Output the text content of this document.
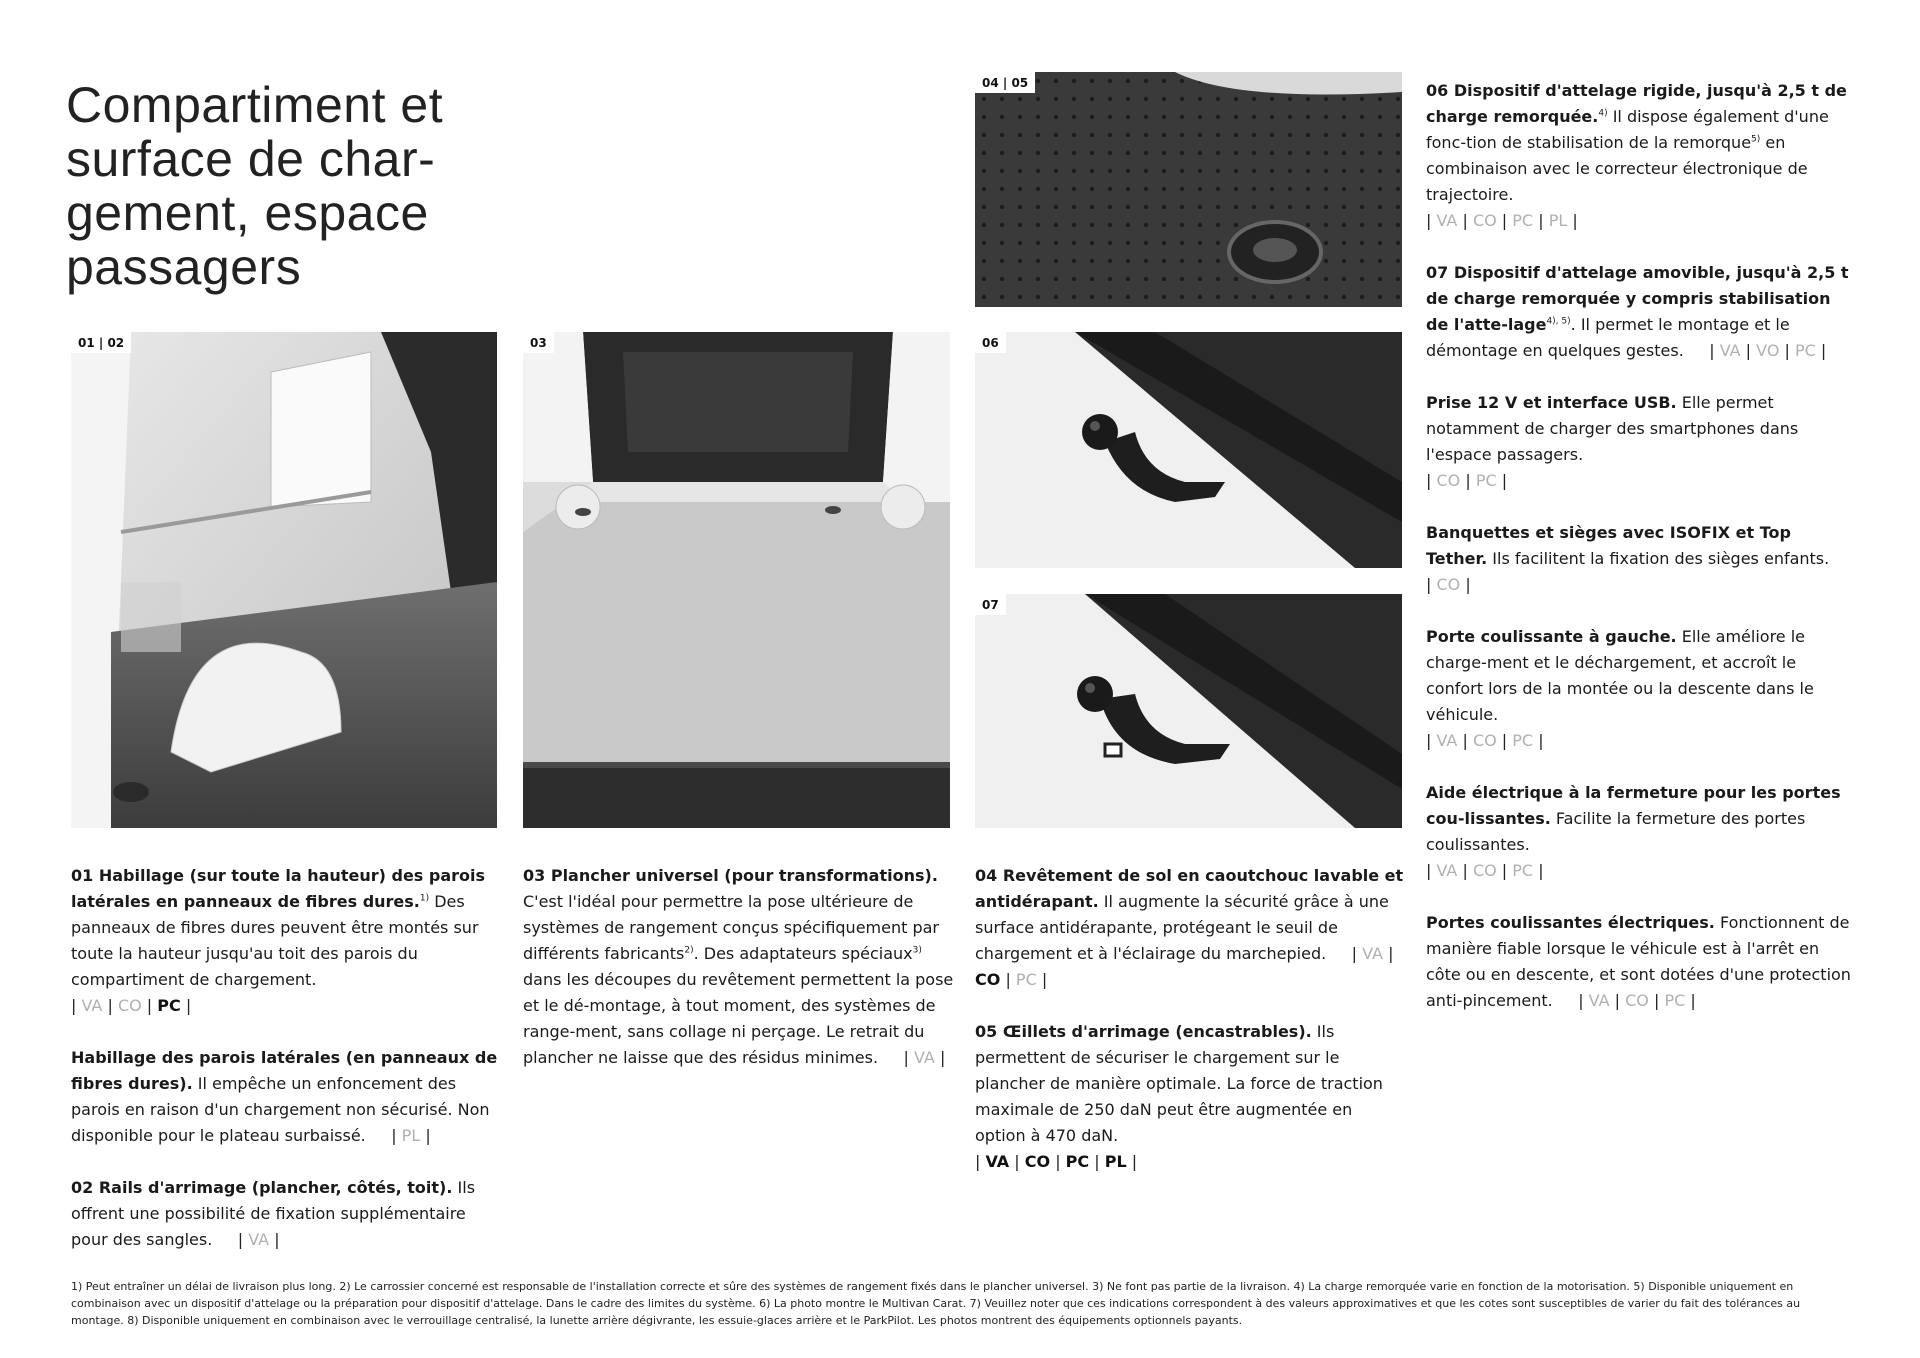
Compartiment et
surface de char-
gement, espace
passagers
01 | 02	03
04 | 05
06
07

01 Habillage (sur toute la hauteur) des parois latérales en panneaux de fibres dures.$^{1)}$ Des panneaux de fibres dures peuvent être montés sur toute la hauteur jusqu'au toit des parois du compartiment de chargement.
| VA | CO | PC |

Habillage des parois latérales (en panneaux de fibres dures). Il empêche un enfoncement des parois en raison d'un chargement non sécurisé. Non disponible pour le plateau surbaissé. | PL |

02 Rails d'arrimage (plancher, côtés, toit). Ils offrent une possibilité de fixation supplémentaire pour des sangles. | VA |

03 Plancher universel (pour transformations). C'est l'idéal pour permettre la pose ultérieure de systèmes de rangement conçus spécifiquement par différents fabricants$^{2)}$. Des adaptateurs spéciaux$^{3)}$ dans les découpes du revêtement permettent la pose et le dé-montage, à tout moment, des systèmes de range-ment, sans collage ni perçage. Le retrait du plancher ne laisse que des résidus minimes. | VA |

04 Revêtement de sol en caoutchouc lavable et antidérapant. Il augmente la sécurité grâce à une surface antidérapante, protégeant le seuil de chargement et à l'éclairage du marchepied. | VA | CO | PC |

05 Œillets d'arrimage (encastrables). Ils permettent de sécuriser le chargement sur le plancher de manière optimale. La force de traction maximale de 250 daN peut être augmentée en option à 470 daN.
| VA | CO | PC | PL |

06 Dispositif d'attelage rigide, jusqu'à 2,5 t de charge remorquée.$^{4)}$ Il dispose également d'une fonc-tion de stabilisation de la remorque$^{5)}$ en combinaison avec le correcteur électronique de trajectoire.
| VA | CO | PC | PL |

07 Dispositif d'attelage amovible, jusqu'à 2,5 t de charge remorquée y compris stabilisation de l'atte-lage$^{4), 5)}$. Il permet le montage et le démontage en quelques gestes. | VA | VO | PC |

Prise 12 V et interface USB. Elle permet notamment de charger des smartphones dans l'espace passagers.
| CO | PC |

Banquettes et sièges avec ISOFIX et Top Tether. Ils facilitent la fixation des sièges enfants.     | CO |

Porte coulissante à gauche. Elle améliore le charge-ment et le déchargement, et accroît le confort lors de la montée ou la descente dans le véhicule.
| VA | CO | PC |

Aide électrique à la fermeture pour les portes cou-lissantes. Facilite la fermeture des portes coulissantes.
| VA | CO | PC |

Portes coulissantes électriques. Fonctionnent de manière fiable lorsque le véhicule est à l'arrêt en côte ou en descente, et sont dotées d'une protection anti-pincement. | VA | CO | PC |

1) Peut entraîner un délai de livraison plus long. 2) Le carrossier concerné est responsable de l'installation correcte et sûre des systèmes de rangement fixés dans le plancher universel. 3) Ne font pas partie de la livraison. 4) La charge remorquée varie en fonction de la motorisation. 5) Disponible uniquement en combinaison avec un dispositif d'attelage ou la préparation pour dispositif d'attelage. Dans le cadre des limites du système. 6) La photo montre le Multivan Carat. 7) Veuillez noter que ces indications correspondent à des valeurs approximatives et que les cotes sont susceptibles de varier du fait des tolérances au montage. 8) Disponible uniquement en combinaison avec le verrouillage centralisé, la lunette arrière dégivrante, les essuie-glaces arrière et le ParkPilot. Les photos montrent des équipements optionnels payants.
